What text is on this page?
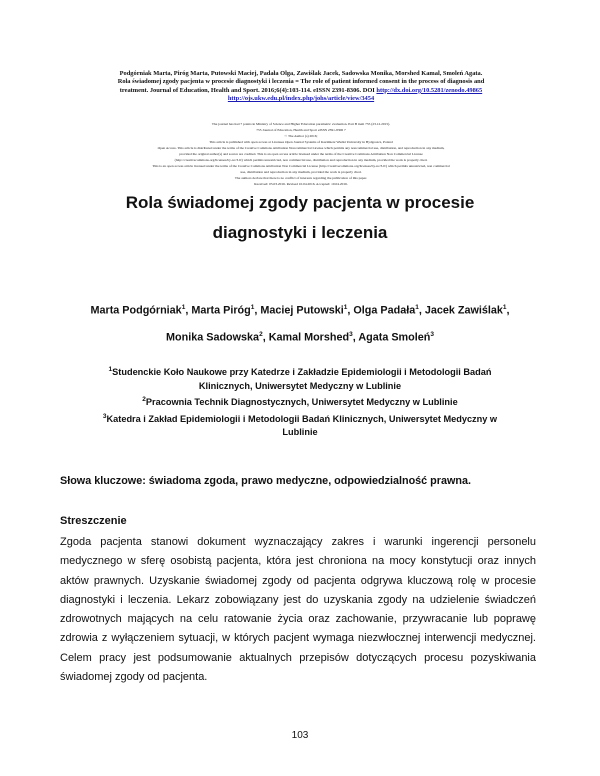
Podgórniak Marta, Piróg Marta, Putowski Maciej, Padała Olga, Zawiślak Jacek, Sadowska Monika, Morshed Kamal, Smoleń Agata.
Rola świadomej zgody pacjenta w procesie diagnostyki i leczenia = The role of patient informed consent in the process of diagnosis and
treatment. Journal of Education, Health and Sport. 2016;6(4):103-114. eISSN 2391-8306. DOI http://dx.doi.org/10.5281/zenodo.49865
http://ojs.ukw.edu.pl/index.php/johs/article/view/3454
The journal has had 7 points in Ministry of Science and Higher Education parametric evaluation. Part B item 755 (23.12.2015).
755 Journal of Education, Health and Sport eISSN 2391-8306 7
© The Author (s) 2016;
This article is published with open access at Licensee Open Journal Systems of Kazimierz Wielki University in Bydgoszcz, Poland
Open Access. This article is distributed under the terms of the Creative Commons Attribution Noncommercial License which permits any noncommercial use, distribution, and reproduction in any medium,
provided the original author(s) and source are credited. This is an open access article licensed under the terms of the Creative Commons Attribution Non Commercial License
(http://creativecommons.org/licenses/by-nc/3.0/) which permits unrestricted, non commercial use, distribution and reproduction in any medium, provided the work is properly cited.
This is an open access article licensed under the terms of the Creative Commons Attribution Non Commercial License (http://creativecommons.org/licenses/by-nc/3.0/) which permits unrestricted, non commercial
use, distribution and reproduction in any medium, provided the work is properly cited.
The authors declare that there is no conflict of interests regarding the publication of this paper.
Received: 05.03.2016. Revised 10.04.2016. Accepted: 10.04.2016.
Rola świadomej zgody pacjenta w procesie
diagnostyki i leczenia
Marta Podgórniak$^1$, Marta Piróg$^1$, Maciej Putowski$^1$, Olga Padała$^1$, Jacek Zawiślak$^1$,
Monika Sadowska$^2$, Kamal Morshed$^3$, Agata Smoleń$^3$
$^1$Studenckie Koło Naukowe przy Katedrze i Zakładzie Epidemiologii i Metodologii Badań
Klinicznych, Uniwersytet Medyczny w Lublinie
$^2$Pracownia Technik Diagnostycznych, Uniwersytet Medyczny w Lublinie
$^3$Katedra i Zakład Epidemiologii i Metodologii Badań Klinicznych, Uniwersytet Medyczny w
Lublinie
Słowa kluczowe: świadoma zgoda, prawo medyczne, odpowiedzialność prawna.
Streszczenie
Zgoda pacjenta stanowi dokument wyznaczający zakres i warunki ingerencji personelu medycznego w sferę osobistą pacjenta, która jest chroniona na mocy konstytucji oraz innych aktów prawnych. Uzyskanie świadomej zgody od pacjenta odgrywa kluczową rolę w procesie diagnostyki i leczenia. Lekarz zobowiązany jest do uzyskania zgody na udzielenie świadczeń zdrowotnych mających na celu ratowanie życia oraz zachowanie, przywracanie lub poprawę zdrowia z wyłączeniem sytuacji, w których pacjent wymaga niezwłocznej interwencji medycznej. Celem pracy jest podsumowanie aktualnych przepisów dotyczących procesu pozyskiwania świadomej zgody od pacjenta.
103
